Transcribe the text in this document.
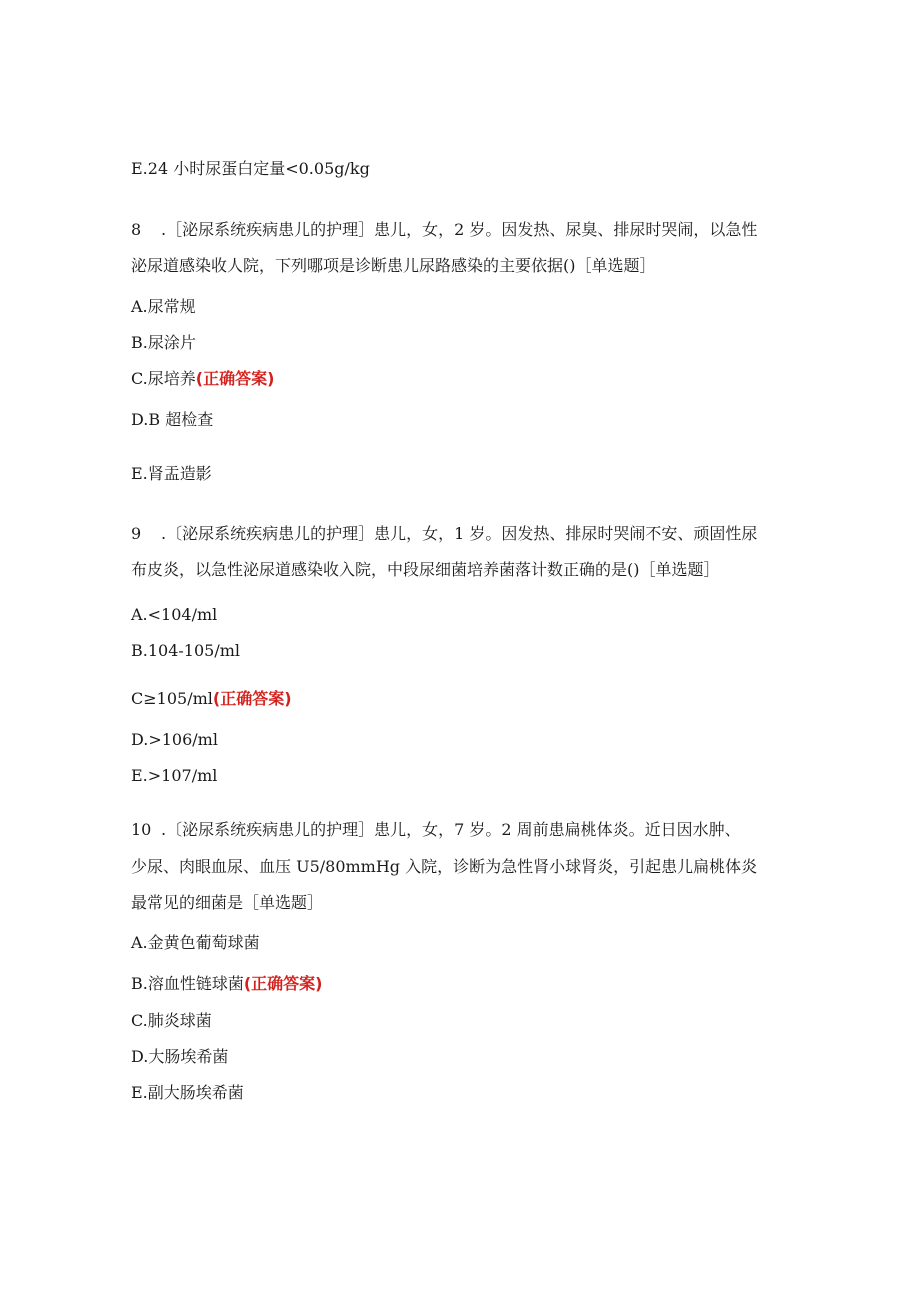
E.24 小时尿蛋白定量<0.05g/kg
8 .［泌尿系统疾病患儿的护理］患儿，女，2 岁。因发热、尿臭、排尿时哭闹，以急性
泌尿道感染收人院，下列哪项是诊断患儿尿路感染的主要依据()［单选题］
A.尿常规
B.尿涂片
C.尿培养(正确答案)
D.B 超检查
E.肾盂造影
9 .〔泌尿系统疾病患儿的护理］患儿，女，1 岁。因发热、排尿时哭闹不安、顽固性尿
布皮炎，以急性泌尿道感染收入院，中段尿细菌培养菌落计数正确的是()［单选题］
A.<104/ml
B.104-105/ml
C≥105/ml(正确答案)
D.>106/ml
E.>107/ml
10 .〔泌尿系统疾病患儿的护理］患儿，女，7 岁。2 周前患扁桃体炎。近日因水肿、
少尿、肉眼血尿、血压 U5/80mmHg 入院，诊断为急性肾小球肾炎，引起患儿扁桃体炎
最常见的细菌是［单选题］
A.金黄色葡萄球菌
B.溶血性链球菌(正确答案)
C.肺炎球菌
D.大肠埃希菌
E.副大肠埃希菌
